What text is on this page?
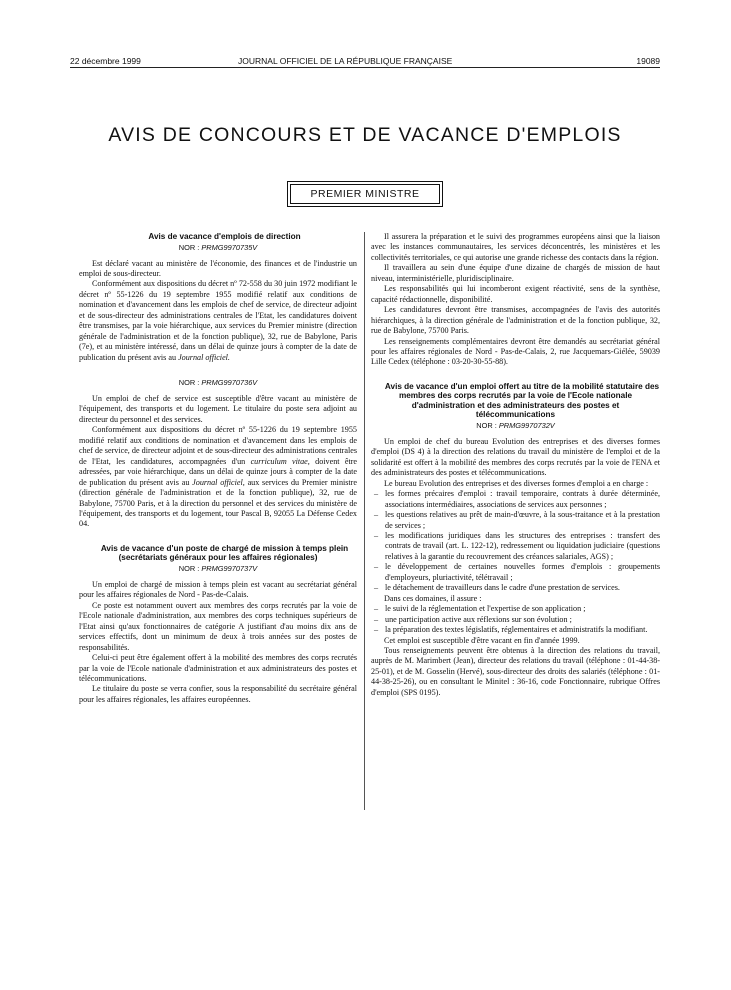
22 décembre 1999	JOURNAL OFFICIEL DE LA RÉPUBLIQUE FRANÇAISE	19089
AVIS DE CONCOURS ET DE VACANCE D'EMPLOIS
PREMIER MINISTRE

Avis de vacance d'emplois de direction

NOR : PRMG9970735V

Est déclaré vacant au ministère de l'économie, des finances et de l'industrie un emploi de sous-directeur.

Conformément aux dispositions du décret nº 72-558 du 30 juin 1972 modifiant le décret nº 55-1226 du 19 septembre 1955 modifié relatif aux conditions de nomination et d'avancement dans les emplois de chef de service, de directeur adjoint et de sous-directeur des administrations centrales de l'Etat, les candidatures doivent être transmises, par la voie hiérarchique, aux services du Premier ministre (direction générale de l'administration et de la fonction publique), 32, rue de Babylone, Paris (7e), et au ministère intéressé, dans un délai de quinze jours à compter de la date de publication du présent avis au Journal officiel.

NOR : PRMG9970736V

Un emploi de chef de service est susceptible d'être vacant au ministère de l'équipement, des transports et du logement. Le titulaire du poste sera adjoint au directeur du personnel et des services.

Conformément aux dispositions du décret nº 55-1226 du 19 septembre 1955 modifié relatif aux conditions de nomination et d'avancement dans les emplois de chef de service, de directeur adjoint et de sous-directeur des administrations centrales de l'Etat, les candidatures, accompagnées d'un curriculum vitae, doivent être adressées, par voie hiérarchique, dans un délai de quinze jours à compter de la date de publication du présent avis au Journal officiel, aux services du Premier ministre (direction générale de l'administration et de la fonction publique), 32, rue de Babylone, 75700 Paris, et à la direction du personnel et des services du ministère de l'équipement, des transports et du logement, tour Pascal B, 92055 La Défense Cedex 04.

Avis de vacance d'un poste de chargé de mission à temps plein (secrétariats généraux pour les affaires régionales)

NOR : PRMG9970737V

Un emploi de chargé de mission à temps plein est vacant au secrétariat général pour les affaires régionales de Nord - Pas-de-Calais.

Ce poste est notamment ouvert aux membres des corps recrutés par la voie de l'Ecole nationale d'administration, aux membres des corps techniques supérieurs de l'Etat ainsi qu'aux fonctionnaires de catégorie A justifiant d'au moins dix ans de services effectifs, dont un minimum de deux à trois années sur des postes de responsabilités.

Celui-ci peut être également offert à la mobilité des membres des corps recrutés par la voie de l'Ecole nationale d'administration et aux administrateurs des postes et télécommunications.

Le titulaire du poste se verra confier, sous la responsabilité du secrétaire général pour les affaires régionales, les affaires européennes.

Il assurera la préparation et le suivi des programmes européens ainsi que la liaison avec les instances communautaires, les services déconcentrés, les ministères et les collectivités territoriales, ce qui autorise une grande richesse des contacts dans la région.

Il travaillera au sein d'une équipe d'une dizaine de chargés de mission de haut niveau, interministérielle, pluridisciplinaire.

Les responsabilités qui lui incomberont exigent réactivité, sens de la synthèse, capacité rédactionnelle, disponibilité.

Les candidatures devront être transmises, accompagnées de l'avis des autorités hiérarchiques, à la direction générale de l'administration et de la fonction publique, 32, rue de Babylone, 75700 Paris.

Les renseignements complémentaires devront être demandés au secrétariat général pour les affaires régionales de Nord - Pas-de-Calais, 2, rue Jacquemars-Giélée, 59039 Lille Cedex (téléphone : 03-20-30-55-88).

Avis de vacance d'un emploi offert au titre de la mobilité statutaire des membres des corps recrutés par la voie de l'Ecole nationale d'administration et des administrateurs des postes et télécommunications

NOR : PRMG9970732V

Un emploi de chef du bureau Evolution des entreprises et des diverses formes d'emploi (DS 4) à la direction des relations du travail du ministère de l'emploi et de la solidarité est offert à la mobilité des membres des corps recrutés par la voie de l'ENA et des administrateurs des postes et télécommunications.

Le bureau Evolution des entreprises et des diverses formes d'emploi a en charge :

– les formes précaires d'emploi : travail temporaire, contrats à durée déterminée, associations intermédiaires, associations de services aux personnes ;
– les questions relatives au prêt de main-d'œuvre, à la sous-traitance et à la prestation de services ;
– les modifications juridiques dans les structures des entreprises : transfert des contrats de travail (art. L. 122-12), redressement ou liquidation judiciaire (questions relatives à la garantie du recouvrement des créances salariales, AGS) ;
– le développement de certaines nouvelles formes d'emplois : groupements d'employeurs, pluriactivité, télétravail ;
– le détachement de travailleurs dans le cadre d'une prestation de services.

Dans ces domaines, il assure :

– le suivi de la réglementation et l'expertise de son application ;
– une participation active aux réflexions sur son évolution ;
– la préparation des textes législatifs, réglementaires et administratifs la modifiant.

Cet emploi est susceptible d'être vacant en fin d'année 1999.

Tous renseignements peuvent être obtenus à la direction des relations du travail, auprès de M. Marimbert (Jean), directeur des relations du travail (téléphone : 01-44-38-25-01), et de M. Gosselin (Hervé), sous-directeur des droits des salariés (téléphone : 01-44-38-25-26), ou en consultant le Minitel : 36-16, code Fonctionnaire, rubrique Offres d'emploi (SPS 0195).
